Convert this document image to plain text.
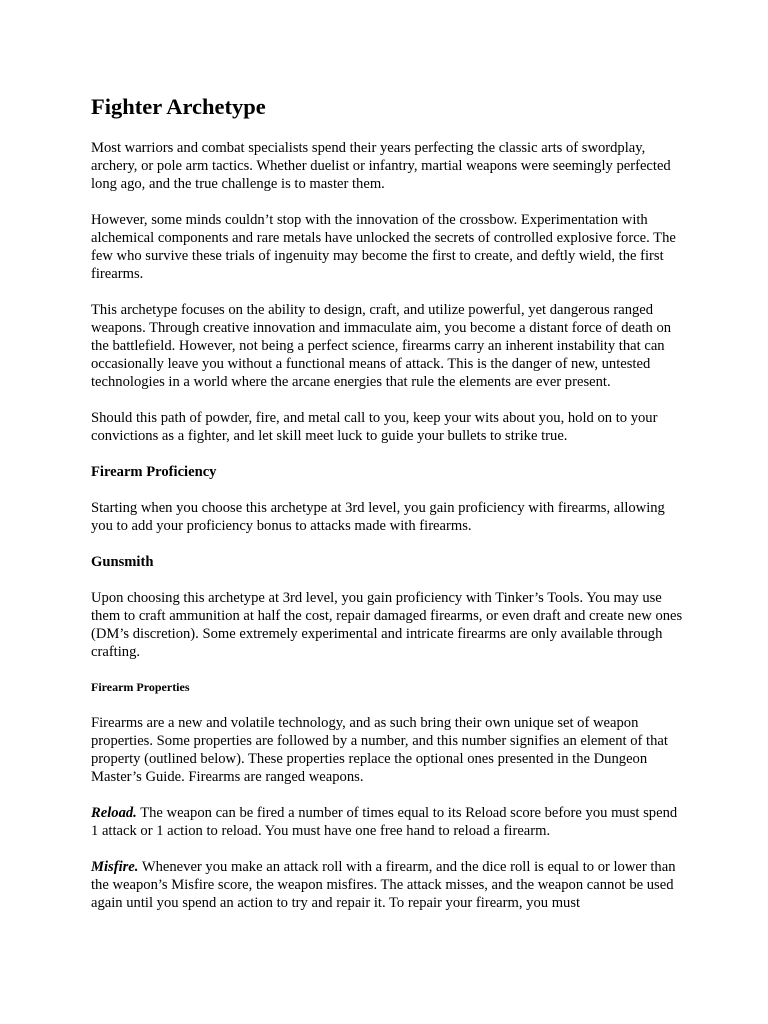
Fighter Archetype

Most warriors and combat specialists spend their years perfecting the classic arts of swordplay, archery, or pole arm tactics. Whether duelist or infantry, martial weapons were seemingly perfected long ago, and the true challenge is to master them.

However, some minds couldn’t stop with the innovation of the crossbow. Experimentation with alchemical components and rare metals have unlocked the secrets of controlled explosive force. The few who survive these trials of ingenuity may become the first to create, and deftly wield, the first firearms.

This archetype focuses on the ability to design, craft, and utilize powerful, yet dangerous ranged weapons. Through creative innovation and immaculate aim, you become a distant force of death on the battlefield. However, not being a perfect science, firearms carry an inherent instability that can occasionally leave you without a functional means of attack. This is the danger of new, untested technologies in a world where the arcane energies that rule the elements are ever present.

Should this path of powder, fire, and metal call to you, keep your wits about you, hold on to your convictions as a fighter, and let skill meet luck to guide your bullets to strike true.

Firearm Proficiency

Starting when you choose this archetype at 3rd level, you gain proficiency with firearms, allowing you to add your proficiency bonus to attacks made with firearms.

Gunsmith

Upon choosing this archetype at 3rd level, you gain proficiency with Tinker’s Tools. You may use them to craft ammunition at half the cost, repair damaged firearms, or even draft and create new ones (DM’s discretion). Some extremely experimental and intricate firearms are only available through crafting.

Firearm Properties

Firearms are a new and volatile technology, and as such bring their own unique set of weapon properties. Some properties are followed by a number, and this number signifies an element of that property (outlined below). These properties replace the optional ones presented in the Dungeon Master’s Guide. Firearms are ranged weapons.

Reload. The weapon can be fired a number of times equal to its Reload score before you must spend 1 attack or 1 action to reload. You must have one free hand to reload a firearm.

Misfire. Whenever you make an attack roll with a firearm, and the dice roll is equal to or lower than the weapon’s Misfire score, the weapon misfires. The attack misses, and the weapon cannot be used again until you spend an action to try and repair it. To repair your firearm, you must
